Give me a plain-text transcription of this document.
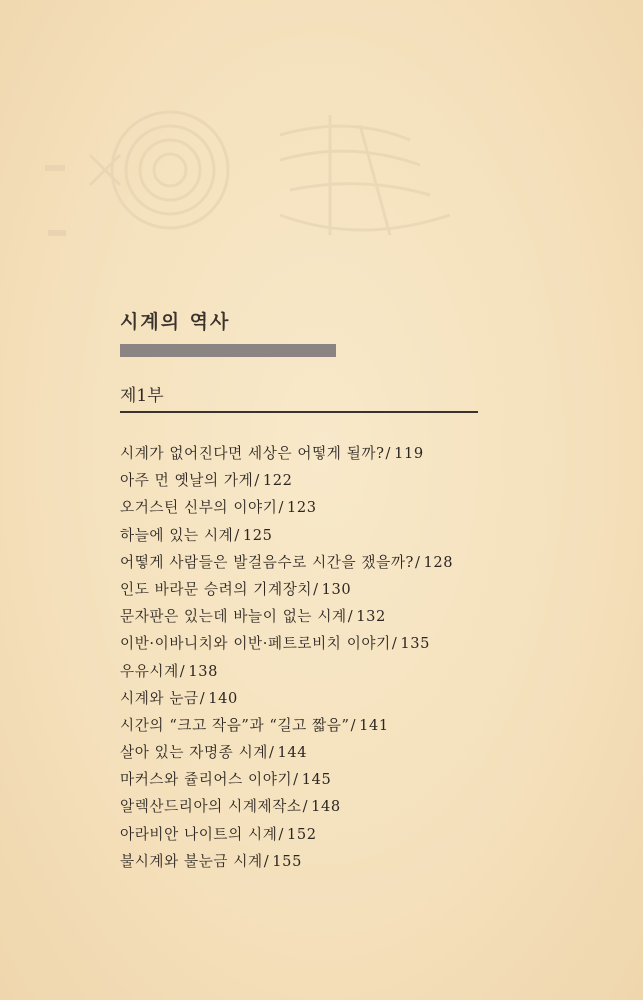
시계의 역사
제1부
시계가 없어진다면 세상은 어떻게 될까?/ 119
아주 먼 옛날의 가게/ 122
오거스틴 신부의 이야기/ 123
하늘에 있는 시계/ 125
어떻게 사람들은 발걸음수로 시간을 쟀을까?/ 128
인도 바라문 승려의 기계장치/ 130
문자판은 있는데 바늘이 없는 시계/ 132
이반·이바니치와 이반·페트로비치 이야기/ 135
우유시계/ 138
시계와 눈금/ 140
시간의 “크고 작음”과 “길고 짧음”/ 141
살아 있는 자명종 시계/ 144
마커스와 쥴리어스 이야기/ 145
알렉산드리아의 시계제작소/ 148
아라비안 나이트의 시계/ 152
불시계와 불눈금 시계/ 155
